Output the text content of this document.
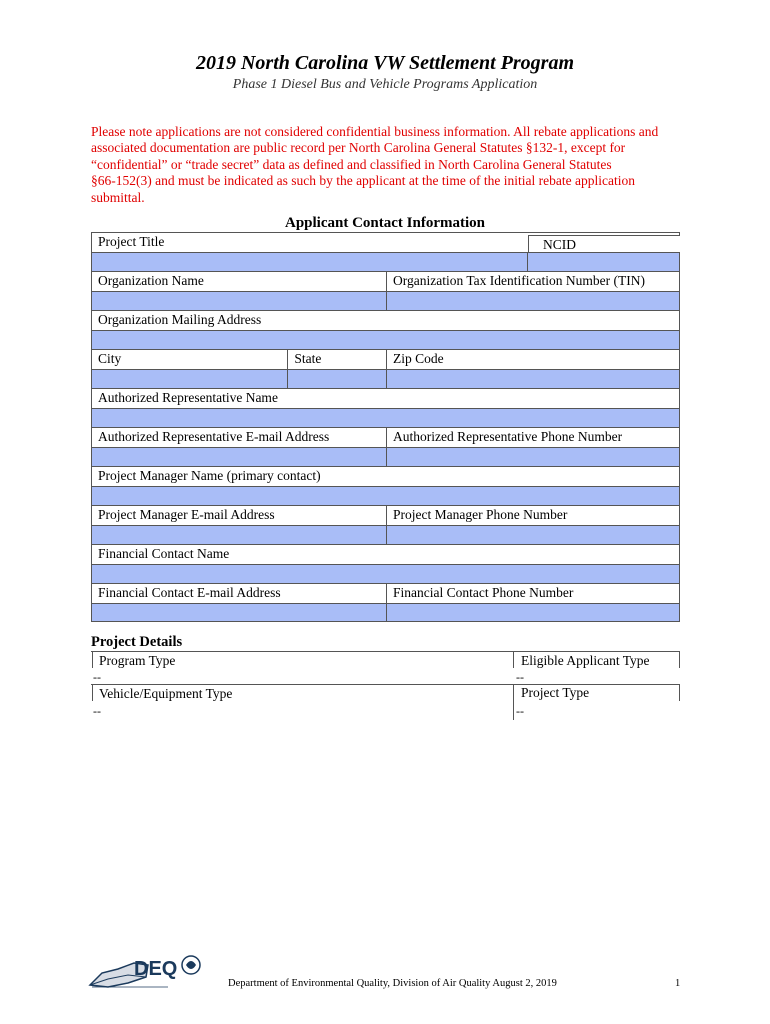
2019 North Carolina VW Settlement Program
Phase 1 Diesel Bus and Vehicle Programs Application
Please note applications are not considered confidential business information. All rebate applications and
associated documentation are public record per North Carolina General Statutes §132-1, except for
“confidential” or “trade secret” data as defined and classified in North Carolina General Statutes
§66-152(3) and must be indicated as such by the applicant at the time of the initial rebate application
submittal.
Applicant Contact Information
Project Title	NCID
Organization Name	Organization Tax Identification Number (TIN)
Organization Mailing Address
City	State	Zip Code
Authorized Representative Name
Authorized Representative E-mail Address	Authorized Representative Phone Number
Project Manager Name (primary contact)
Project Manager E-mail Address	Project Manager Phone Number
Financial Contact Name
Financial Contact E-mail Address	Financial Contact Phone Number
Project Details
Program Type	Eligible Applicant Type
--	--
Vehicle/Equipment Type	Project Type
--	--
DEQ
Department of Environmental Quality, Division of Air Quality August 2, 2019	1
